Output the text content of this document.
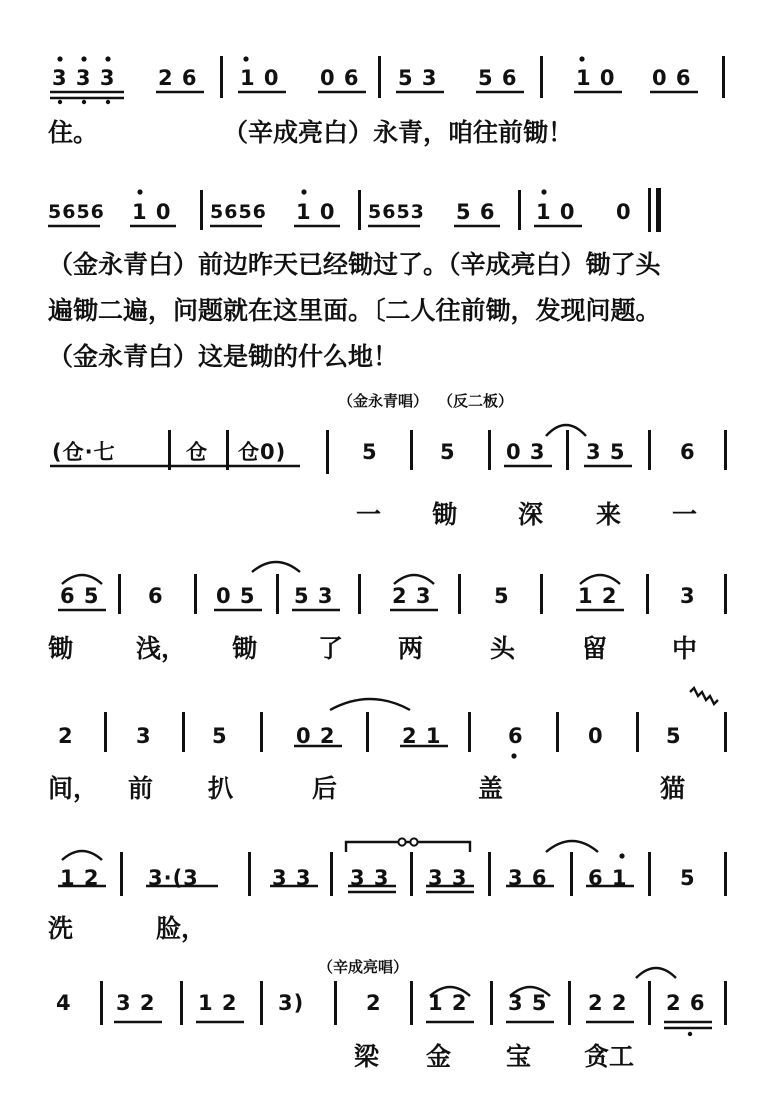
3 3 3 2 6 1 0 0 6 5 3 5 6	1 0 0 6
住。　　　　　　（辛成亮白）永青，咱往前锄！
5656 1 0 5656 1 0 5653 5 6 1 0 0
（金永青白）前边昨天已经锄过了。（辛成亮白）锄了头
遍锄二遍，问题就在这里面。〔二人往前锄，发现问题。
（金永青白）这是锄的什么地！
（金永青唱） （反二板）
(仓·七	仓 仓0)	5	5 0 3 3 5	6
一 锄 深 来 一
6 5 6 0 5 5 3	2 3	5	1 2	3
锄	浅， 锄 了 两	头	留	中
2	3	5	0 2	2 1	6	0	5
间， 前 扒	后	盖	猫
1 2 3·(3	3 3 3 3 3 3 3 6 6 1 5
洗	脸，
（辛成亮唱）
4 3 2 1 2 3)	2 1 2 3 5 2 2 2 6
梁 金 宝 贪工
